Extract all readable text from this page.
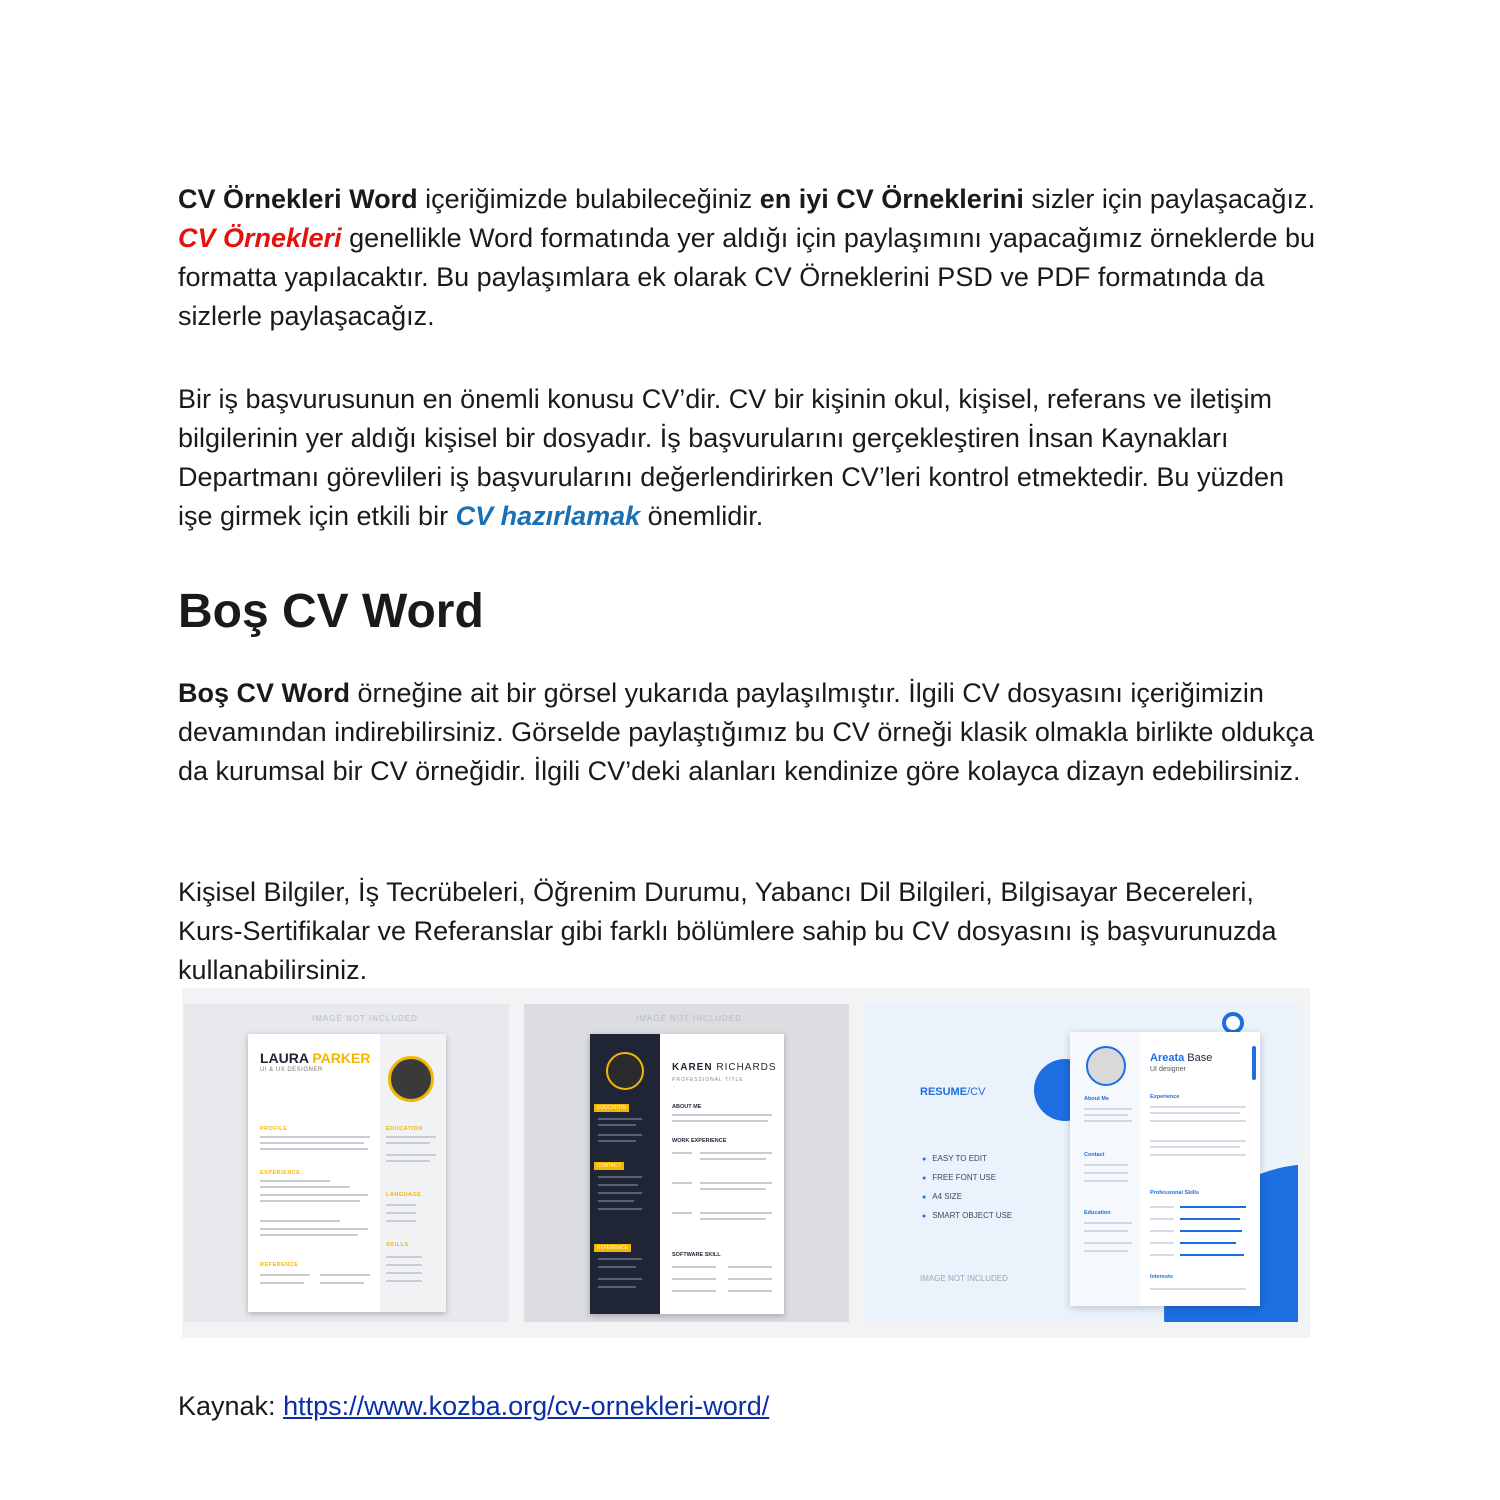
CV Örnekleri Word içeriğimizde bulabileceğiniz en iyi CV Örneklerini sizler için paylaşacağız. CV Örnekleri genellikle Word formatında yer aldığı için paylaşımını yapacağımız örneklerde bu formatta yapılacaktır. Bu paylaşımlara ek olarak CV Örneklerini PSD ve PDF formatında da sizlerle paylaşacağız.

Bir iş başvurusunun en önemli konusu CV’dir. CV bir kişinin okul, kişisel, referans ve iletişim bilgilerinin yer aldığı kişisel bir dosyadır. İş başvurularını gerçekleştiren İnsan Kaynakları Departmanı görevlileri iş başvurularını değerlendirirken CV’leri kontrol etmektedir. Bu yüzden işe girmek için etkili bir CV hazırlamak önemlidir.

Boş CV Word

Boş CV Word örneğine ait bir görsel yukarıda paylaşılmıştır. İlgili CV dosyasını içeriğimizin devamından indirebilirsiniz. Görselde paylaştığımız bu CV örneği klasik olmakla birlikte oldukça da kurumsal bir CV örneğidir. İlgili CV’deki alanları kendinize göre kolayca dizayn edebilirsiniz.

Kişisel Bilgiler, İş Tecrübeleri, Öğrenim Durumu, Yabancı Dil Bilgileri, Bilgisayar Becereleri, Kurs-Sertifikalar ve Referanslar gibi farklı bölümlere sahip bu CV dosyasını iş başvurunuzda kullanabilirsiniz.

IMAGE NOT INCLUDED
LAURA PARKER
UI & UX DESIGNER
PROFILE
EXPERIENCE
REFERENCE
EDUCATION
LANGUAGE
SKILLS
IMAGE NOT INCLUDED
KAREN RICHARDS
PROFESSIONAL TITLE
EDUCATION
CONTACT
REFERENCE
ABOUT ME
WORK EXPERIENCE
SOFTWARE SKILL
RESUME/CV
● EASY TO EDIT
● FREE FONT USE
● A4 SIZE
● SMART OBJECT USE
IMAGE NOT INCLUDED
Areata Base
UI designer
About Me
Contact
Education
Experience
Professional Skills
Interests

Kaynak: https://www.kozba.org/cv-ornekleri-word/
